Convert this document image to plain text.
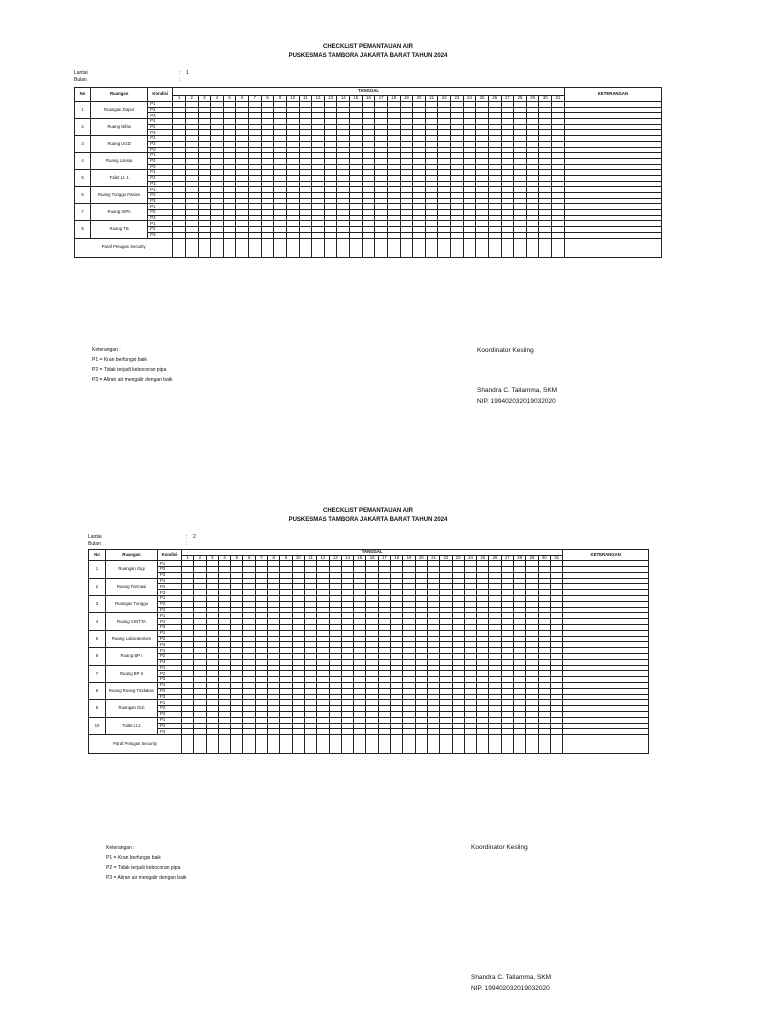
CHECKLIST PEMANTAUAN AIR
PUSKESMAS TAMBORA JAKARTA BARAT TAHUN 2024
Lantai	: 1
Bulan	:
No	Ruangan	Kondisi	TANGGAL																															KETERANGAN
			1	2	3	4	5	6	7	8	9	10	11	12	13	14	15	16	17	18	19	20	21	22	23	24	25	26	27	28	29	30	31	
1	Ruangan Dapur	P1																																
		P2																																
		P3																																
2	Ruang Nifas	P1																																
		P2																																
		P3																																
3	Ruang UGD	P1																																
		P2																																
		P3																																
4	Ruang Lansia	P1																																
		P2																																
		P3																																
5	Toilet Lt. 1	P1																																
		P2																																
		P3																																
6	Ruang Tunggu Pasien	P1																																
		P2																																
		P3																																
7	Ruang ISPA	P1																																
		P2																																
		P3																																
8	Ruang TB	P1																																
		P2																																
		P3																																
Paraf Petugas Security																																		
Keterangan :
P1 = Kran berfungsi baik
P2 = Tidak terjadi kebocoran pipa
P3 = Aliran air mengalir dengan baik
Koordinator Kesling
Shandra C. Tallamma, SKM
NIP. 199402032019032020
CHECKLIST PEMANTAUAN AIR
PUSKESMAS TAMBORA JAKARTA BARAT TAHUN 2024
Lantai	: 2
Bulan	:
No	Ruangan	Kondisi	TANGGAL																															KETERANGAN
			1	2	3	4	5	6	7	8	9	10	11	12	13	14	15	16	17	18	19	20	21	22	23	24	25	26	27	28	29	30	31	
1	Ruangan Gigi	P1																																
		P2																																
		P3																																
2	Ruang Farmasi	P1																																
		P2																																
		P3																																
3	Ruangan Tunggu	P1																																
		P2																																
		P3																																
4	Ruang CINTTA	P1																																
		P2																																
		P3																																
5	Ruang Laboratorium	P1																																
		P2																																
		P3																																
6	Ruang BP I	P1																																
		P2																																
		P3																																
7	Ruang BP II	P1																																
		P2																																
		P3																																
8	Ruang Ruang Tindakan	P1																																
		P2																																
		P3																																
9	Ruangan Gizi	P1																																
		P2																																
		P3																																
10	Toilet Lt.2	P1																																
		P2																																
		P3																																
Paraf Petugas Security																																		
Keterangan :
P1 = Kran berfungsi baik
P2 = Tidak terjadi kebocoran pipa
P3 = Aliran air mengalir dengan baik
Koordinator Kesling
Shandra C. Tallamma, SKM
NIP. 199402032019032020
